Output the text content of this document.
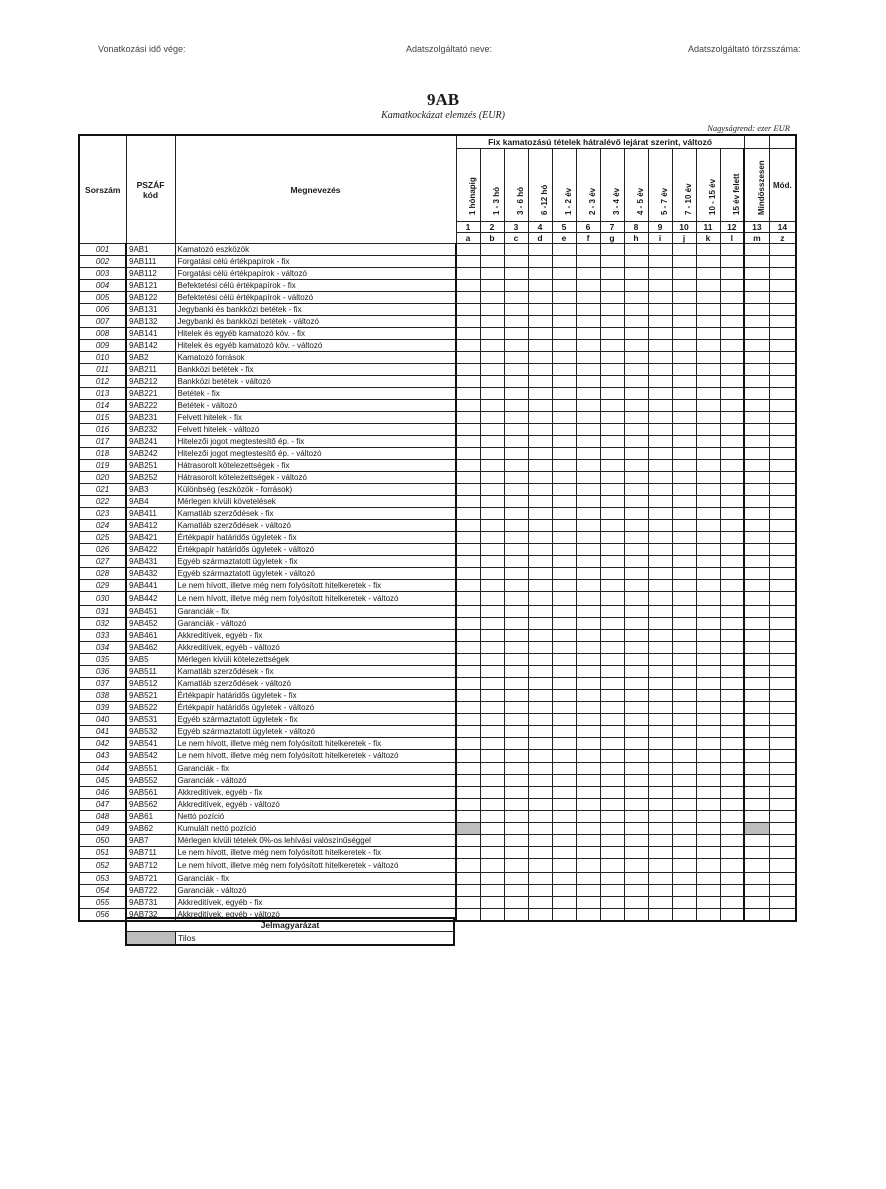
Vonatkozási idő vége:	Adatszolgáltató neve:	Adatszolgáltató törzsszáma:
9AB
Kamatkockázat elemzés (EUR)
Nagyságrend: ezer EUR
Sorszám	PSZÁF kód	Megnevezés	Fix kamatozású tételek hátralévő lejárat szerint, változó													

			1 hónapig	1 - 3 hó	3 - 6 hó	6 -12 hó	1 - 2 év	2 - 3 év	3 - 4 év	4 - 5 év	5 - 7 év	7 - 10 év	10 - 15 év	15 év felett	Mindösszesen	Mód.
			1	2	3	4	5	6	7	8	9	10	11	12	13	14
			a	b	c	d	e	f	g	h	i	j	k	l	m	z
001	9AB1	Kamatozó eszközök														
002	9AB111	Forgatási célú értékpapírok - fix														
003	9AB112	Forgatási célú értékpapírok - változó														
004	9AB121	Befektetési célú értékpapírok - fix														
005	9AB122	Befektetési célú értékpapírok - változó														
006	9AB131	Jegybanki és bankközi betétek - fix														
007	9AB132	Jegybanki és bankközi betétek - változó														
008	9AB141	Hitelek és egyéb kamatozó köv. - fix														
009	9AB142	Hitelek és egyéb kamatozó köv. - változó														
010	9AB2	Kamatozó források														
011	9AB211	Bankközi betétek - fix														
012	9AB212	Bankközi betétek - változó														
013	9AB221	Betétek - fix														
014	9AB222	Betétek - változó														
015	9AB231	Felvett hitelek - fix														
016	9AB232	Felvett hitelek - változó														
017	9AB241	Hitelezői jogot megtestesítő ép. - fix														
018	9AB242	Hitelezői jogot megtestesítő ép. - változó														
019	9AB251	Hátrasorolt kötelezettségek - fix														
020	9AB252	Hátrasorolt kötelezettségek - változó														
021	9AB3	Különbség (eszközök - források)														
022	9AB4	Mérlegen kívüli követelések														
023	9AB411	Kamatláb szerződések - fix														
024	9AB412	Kamatláb szerződések - változó														
025	9AB421	Értékpapír határidős ügyletek - fix														
026	9AB422	Értékpapír határidős ügyletek - változó														
027	9AB431	Egyéb származtatott ügyletek - fix														
028	9AB432	Egyéb származtatott ügyletek - változó														
029	9AB441	Le nem hívott, illetve még nem folyósított hitelkeretek - fix														
030	9AB442	Le nem hívott, illetve még nem folyósított hitelkeretek - változó														
031	9AB451	Garanciák - fix														
032	9AB452	Garanciák - változó														
033	9AB461	Akkreditívek, egyéb - fix														
034	9AB462	Akkreditívek, egyéb - változó														
035	9AB5	Mérlegen kívüli kötelezettségek														
036	9AB511	Kamatláb szerződések - fix														
037	9AB512	Kamatláb szerződések - változó														
038	9AB521	Értékpapír határidős ügyletek - fix														
039	9AB522	Értékpapír határidős ügyletek - változó														
040	9AB531	Egyéb származtatott ügyletek - fix														
041	9AB532	Egyéb származtatott ügyletek - változó														
042	9AB541	Le nem hívott, illetve még nem folyósított hitelkeretek - fix														
043	9AB542	Le nem hívott, illetve még nem folyósított hitelkeretek - változó														
044	9AB551	Garanciák - fix														
045	9AB552	Garanciák - változó														
046	9AB561	Akkreditívek, egyéb - fix														
047	9AB562	Akkreditívek, egyéb - változó														
048	9AB61	Nettó pozíció														
049	9AB62	Kumulált nettó pozíció														
050	9AB7	Mérlegen kívüli tételek 0%-os lehívási valószínűséggel														
051	9AB711	Le nem hívott, illetve még nem folyósított hitelkeretek - fix														
052	9AB712	Le nem hívott, illetve még nem folyósított hitelkeretek - változó														
053	9AB721	Garanciák - fix														
054	9AB722	Garanciák - változó														
055	9AB731	Akkreditívek, egyéb - fix														
056	9AB732	Akkreditívek, egyéb - változó														
Jelmagyarázat
	Tilos
